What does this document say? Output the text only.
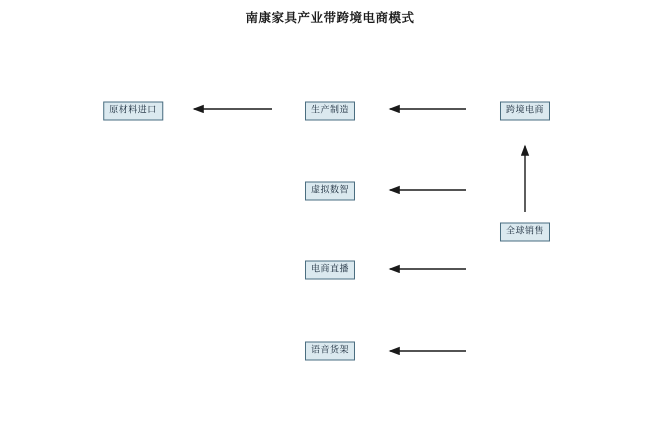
南康家具产业带跨境电商模式
原材料进口	生产制造	跨境电商
虚拟数智
全球销售
电商直播
语音货架
